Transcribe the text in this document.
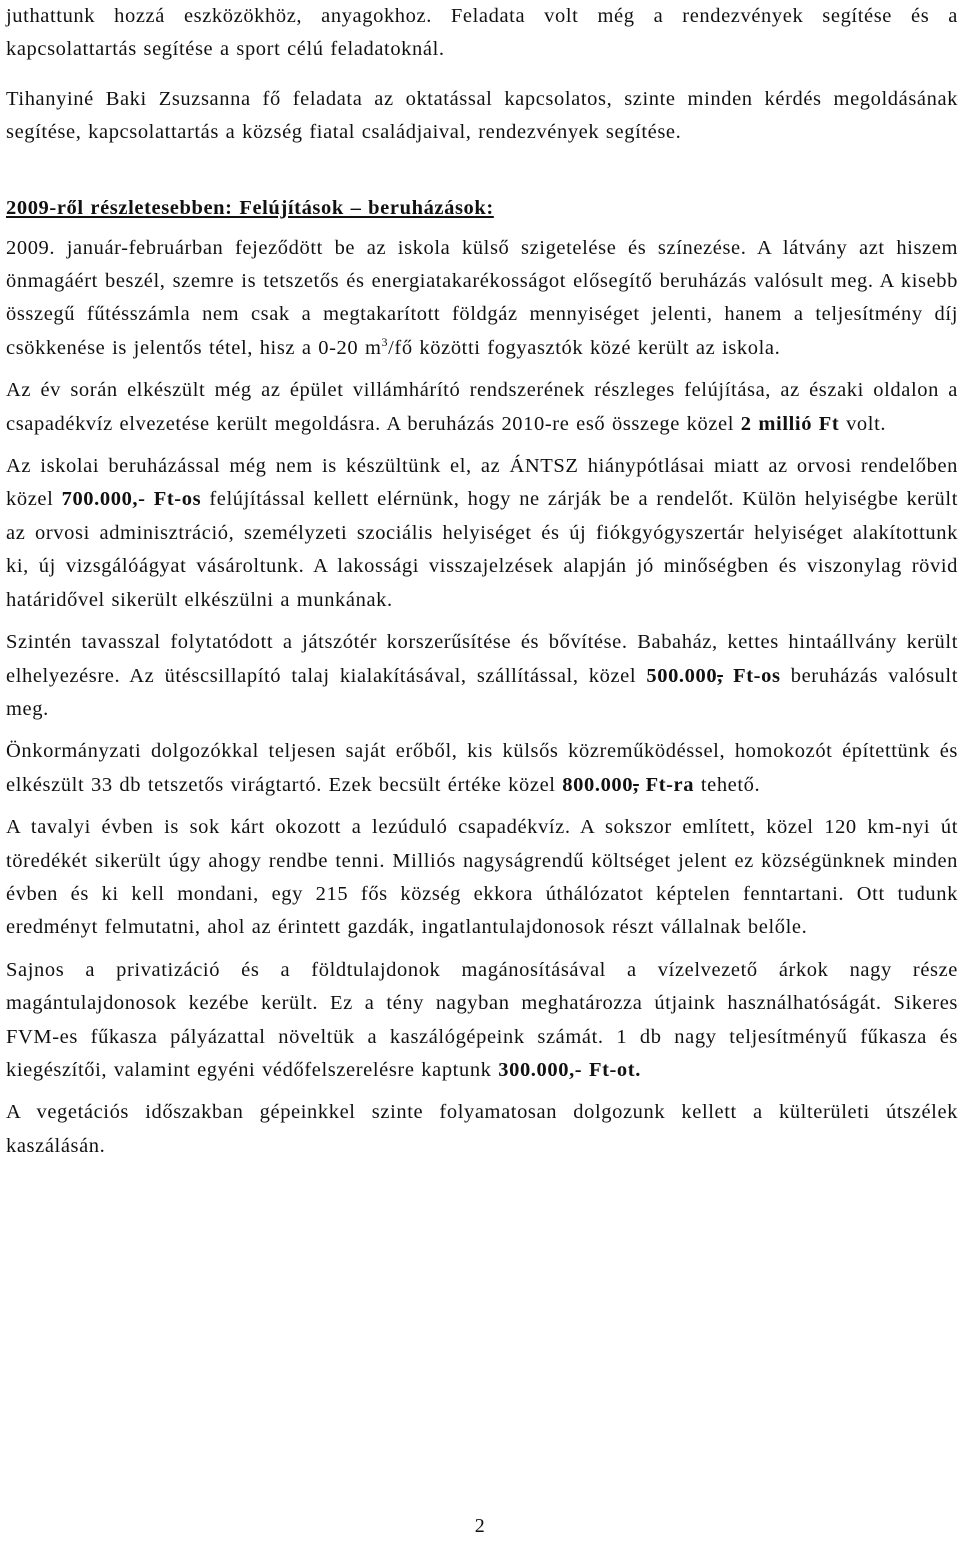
juthattunk hozzá eszközökhöz, anyagokhoz. Feladata volt még a rendezvények segítése és a kapcsolattartás segítése a sport célú feladatoknál.

Tihanyiné Baki Zsuzsanna fő feladata az oktatással kapcsolatos, szinte minden kérdés megoldásának segítése, kapcsolattartás a község fiatal családjaival, rendezvények segítése.

2009-ről részletesebben: Felújítások – beruházások:

2009. január-februárban fejeződött be az iskola külső szigetelése és színezése. A látvány azt hiszem önmagáért beszél, szemre is tetszetős és energiatakarékosságot elősegítő beruházás valósult meg. A kisebb összegű fűtésszámla nem csak a megtakarított földgáz mennyiséget jelenti, hanem a teljesítmény díj csökkenése is jelentős tétel, hisz a 0-20 $m^3/fő$ közötti fogyasztók közé került az iskola.

Az év során elkészült még az épület villámhárító rendszerének részleges felújítása, az északi oldalon a csapadékvíz elvezetése került megoldásra. A beruházás 2010-re eső összege közel 2 millió Ft volt.

Az iskolai beruházással még nem is készültünk el, az ÁNTSZ hiánypótlásai miatt az orvosi rendelőben közel 700.000,- Ft-os felújítással kellett elérnünk, hogy ne zárják be a rendelőt. Külön helyiségbe került az orvosi adminisztráció, személyzeti szociális helyiséget és új fiókgyógyszertár helyiséget alakítottunk ki, új vizsgálóágyat vásároltunk. A lakossági visszajelzések alapján jó minőségben és viszonylag rövid határidővel sikerült elkészülni a munkának.

Szintén tavasszal folytatódott a játszótér korszerűsítése és bővítése. Babaház, kettes hintaállvány került elhelyezésre. Az ütéscsillapító talaj kialakításával, szállítással, közel 500.000, Ft-os beruházás valósult meg.

Önkormányzati dolgozókkal teljesen saját erőből, kis külsős közreműködéssel, homokozót építettünk és elkészült 33 db tetszetős virágtartó. Ezek becsült értéke közel 800.000, Ft-ra tehető.

A tavalyi évben is sok kárt okozott a lezúduló csapadékvíz. A sokszor említett, közel 120 km-nyi út töredékét sikerült úgy ahogy rendbe tenni. Milliós nagyságrendű költséget jelent ez községünknek minden évben és ki kell mondani, egy 215 fős község ekkora úthálózatot képtelen fenntartani. Ott tudunk eredményt felmutatni, ahol az érintett gazdák, ingatlantulajdonosok részt vállalnak belőle.

Sajnos a privatizáció és a földtulajdonok magánosításával a vízelvezető árkok nagy része magántulajdonosok kezébe került. Ez a tény nagyban meghatározza útjaink használhatóságát. Sikeres FVM-es fűkasza pályázattal növeltük a kaszálógépeink számát. 1 db nagy teljesítményű fűkasza és kiegészítői, valamint egyéni védőfelszerelésre kaptunk 300.000,- Ft-ot.

A vegetációs időszakban gépeinkkel szinte folyamatosan dolgozunk kellett a külterületi útszélek kaszálásán.

2
